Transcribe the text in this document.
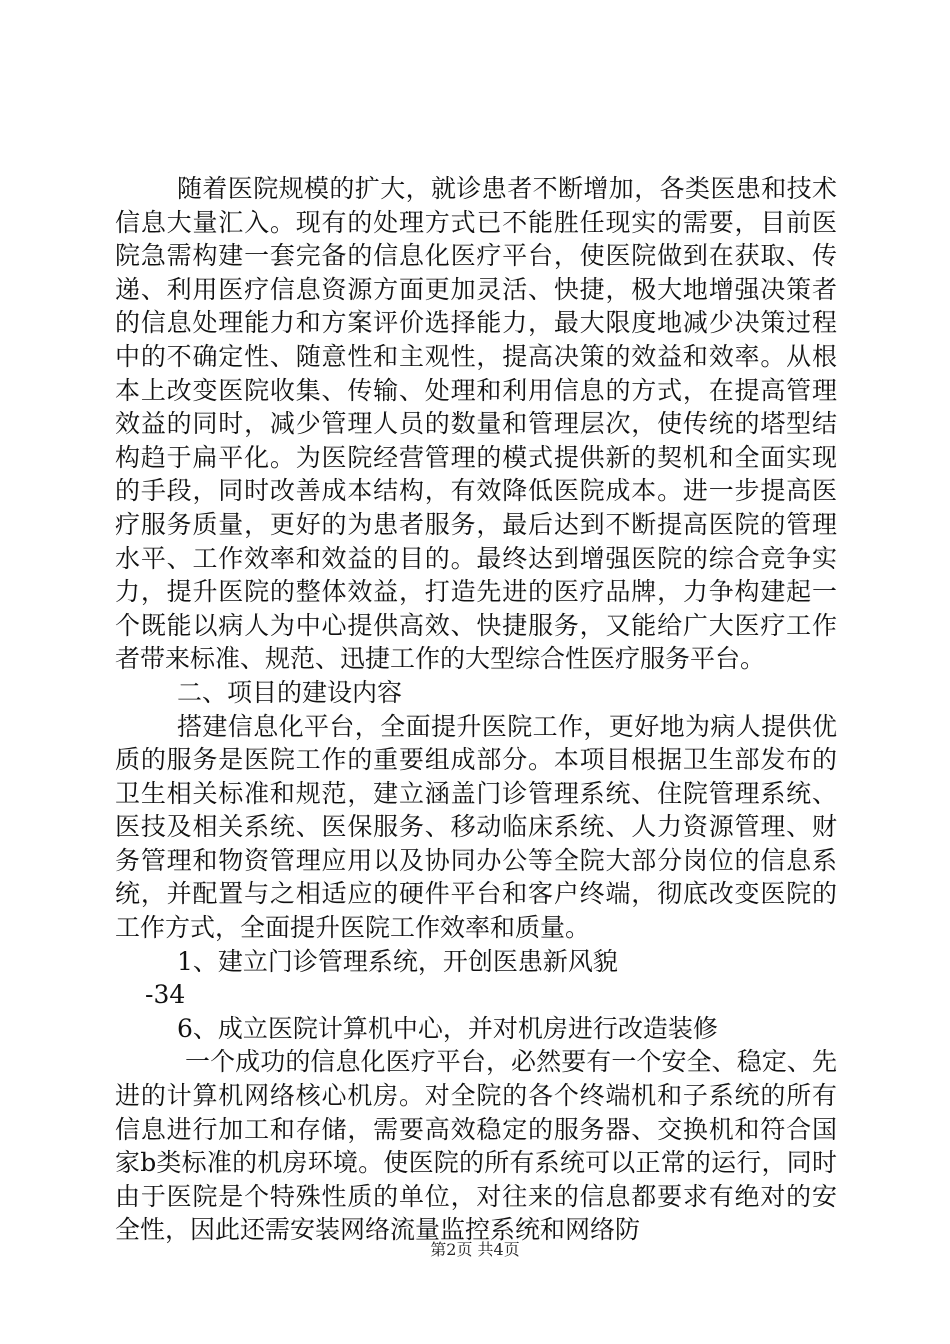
随着医院规模的扩大，就诊患者不断增加，各类医患和技术信息大量汇入。现有的处理方式已不能胜任现实的需要，目前医院急需构建一套完备的信息化医疗平台，使医院做到在获取、传递、利用医疗信息资源方面更加灵活、快捷，极大地增强决策者的信息处理能力和方案评价选择能力，最大限度地减少决策过程中的不确定性、随意性和主观性，提高决策的效益和效率。从根本上改变医院收集、传输、处理和利用信息的方式，在提高管理效益的同时，减少管理人员的数量和管理层次，使传统的塔型结构趋于扁平化。为医院经营管理的模式提供新的契机和全面实现的手段，同时改善成本结构，有效降低医院成本。进一步提高医疗服务质量，更好的为患者服务，最后达到不断提高医院的管理水平、工作效率和效益的目的。最终达到增强医院的综合竞争实力，提升医院的整体效益，打造先进的医疗品牌，力争构建起一个既能以病人为中心提供高效、快捷服务，又能给广大医疗工作者带来标准、规范、迅捷工作的大型综合性医疗服务平台。

二、项目的建设内容

搭建信息化平台，全面提升医院工作，更好地为病人提供优质的服务是医院工作的重要组成部分。本项目根据卫生部发布的卫生相关标准和规范，建立涵盖门诊管理系统、住院管理系统、医技及相关系统、医保服务、移动临床系统、人力资源管理、财务管理和物资管理应用以及协同办公等全院大部分岗位的信息系统，并配置与之相适应的硬件平台和客户终端，彻底改变医院的工作方式，全面提升医院工作效率和质量。

1、建立门诊管理系统，开创医患新风貌

-34

6、成立医院计算机中心，并对机房进行改造装修

一个成功的信息化医疗平台，必然要有一个安全、稳定、先进的计算机网络核心机房。对全院的各个终端机和子系统的所有信息进行加工和存储，需要高效稳定的服务器、交换机和符合国家b类标准的机房环境。使医院的所有系统可以正常的运行，同时由于医院是个特殊性质的单位，对往来的信息都要求有绝对的安全性，因此还需安装网络流量监控系统和网络防

第2页 共4页
